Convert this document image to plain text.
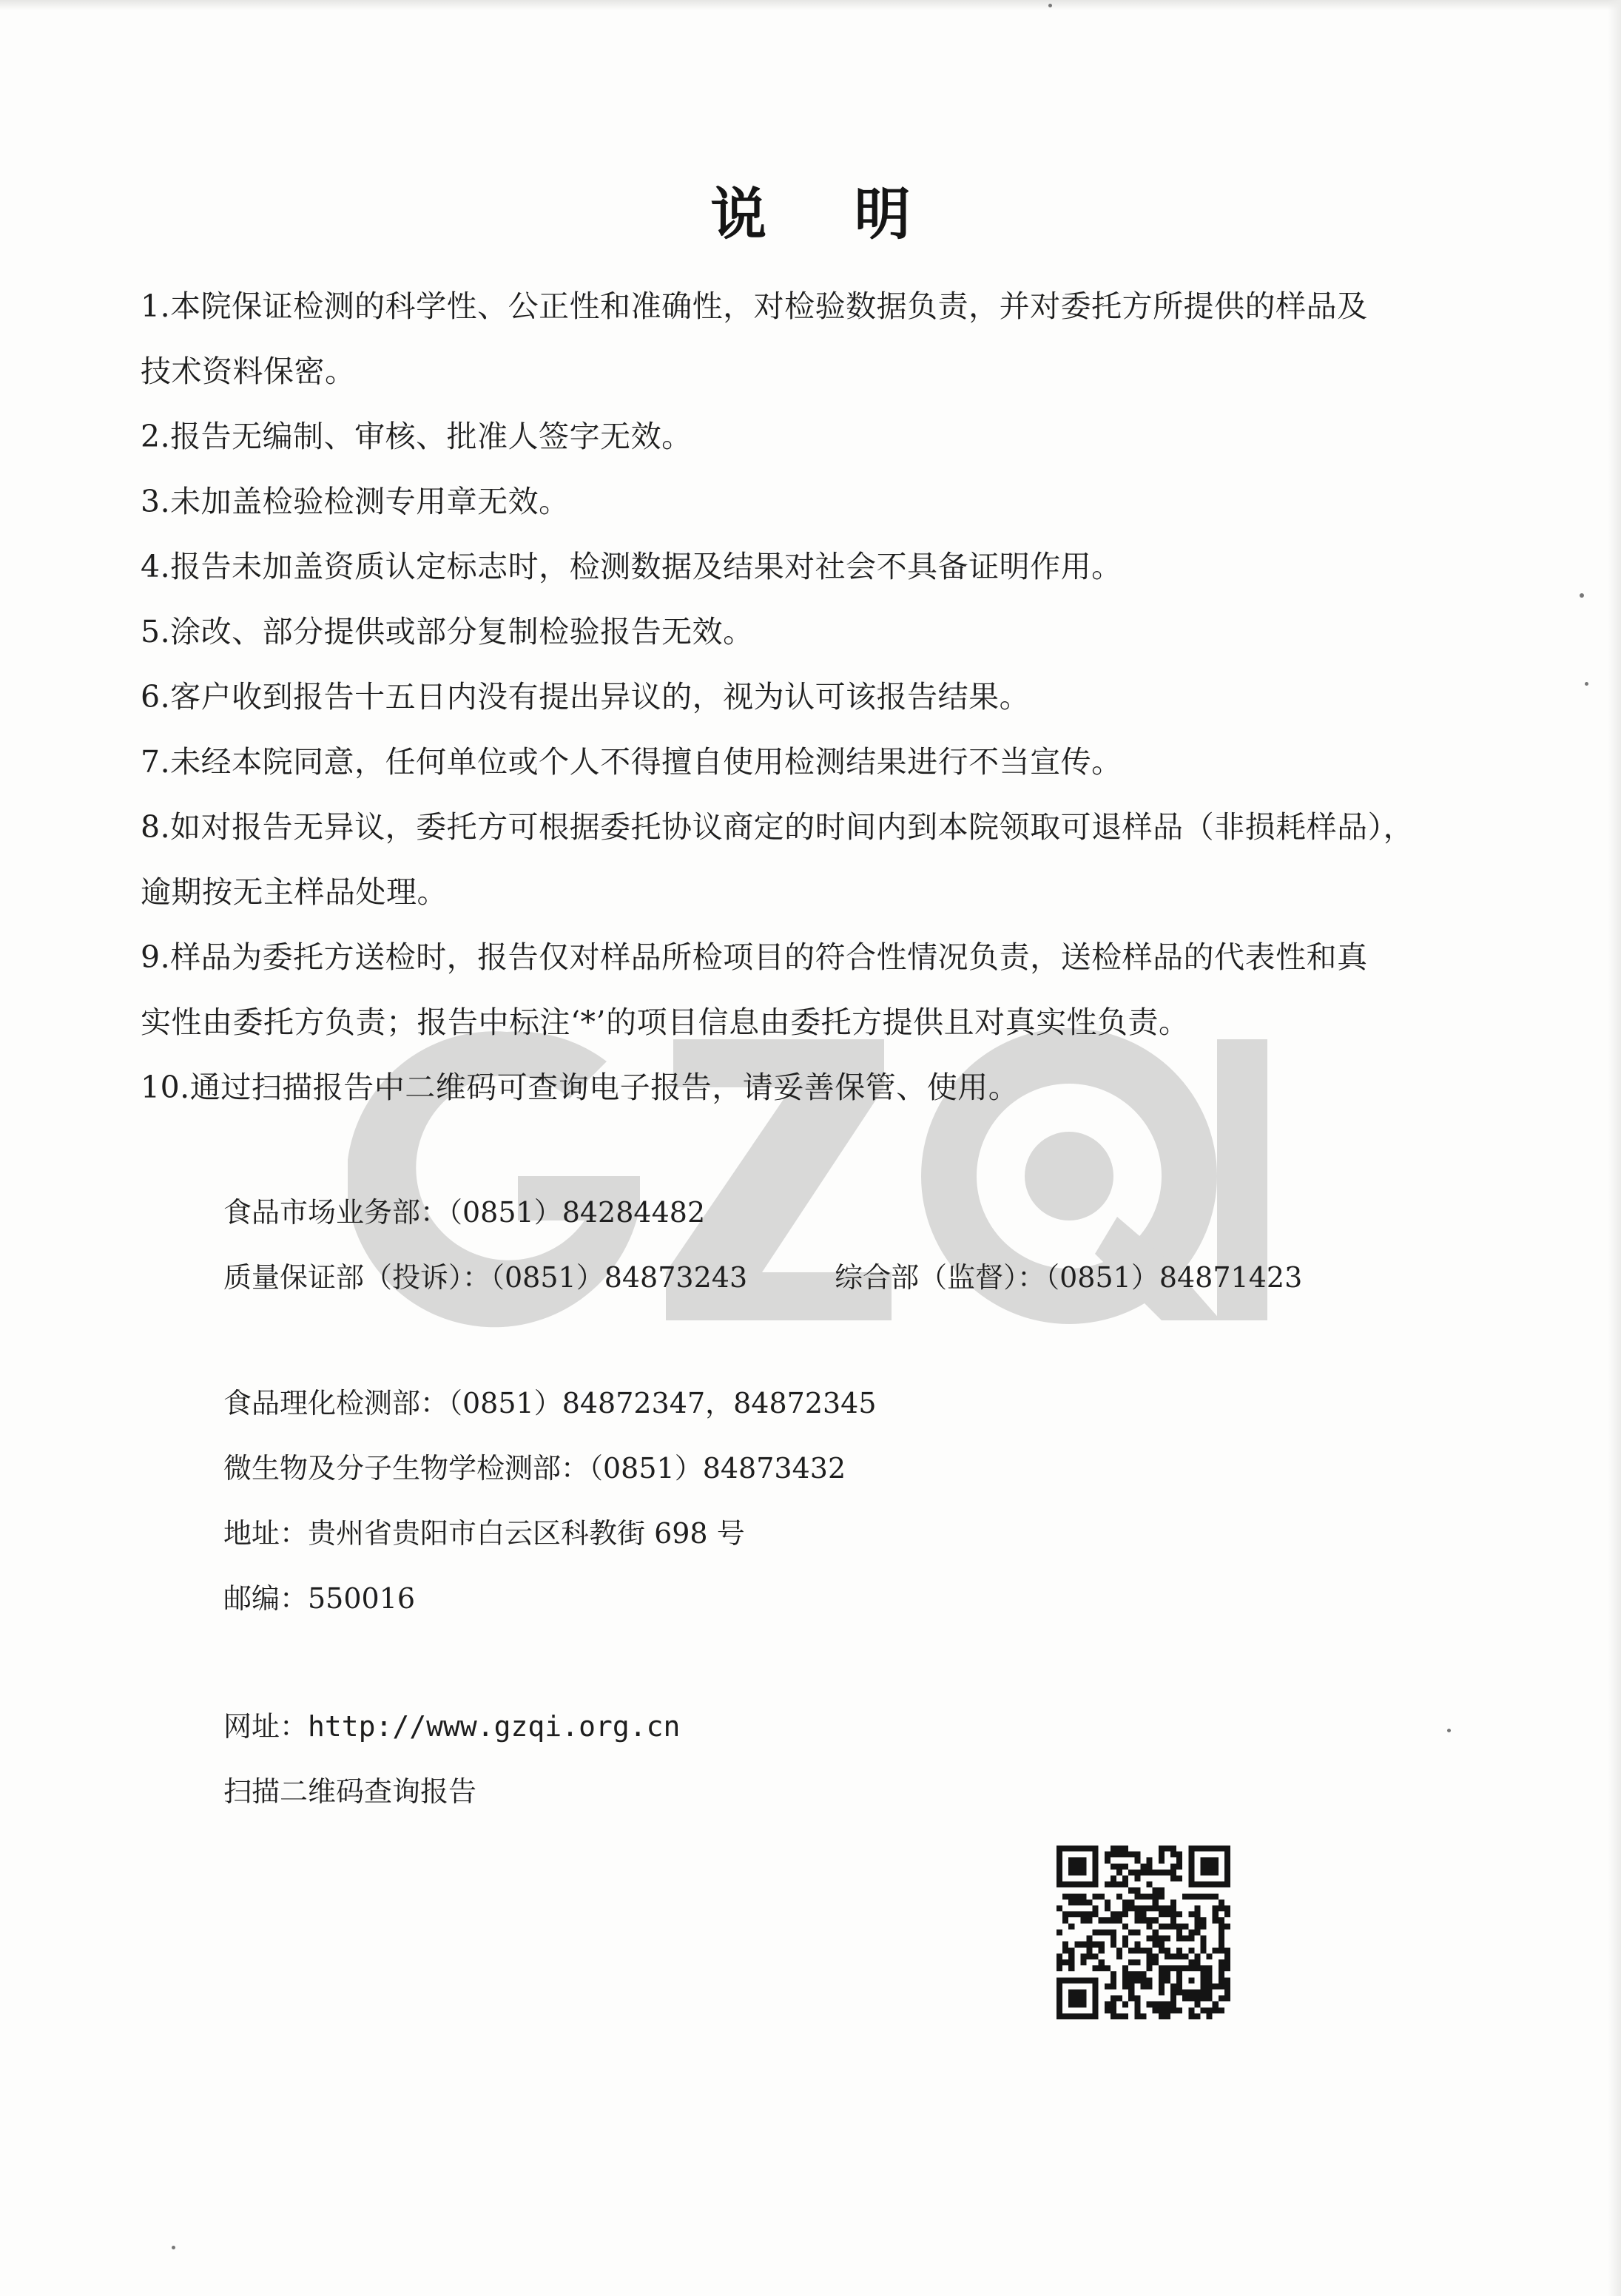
说 明
1.本院保证检测的科学性、公正性和准确性，对检验数据负责，并对委托方所提供的样品及
技术资料保密。
2.报告无编制、审核、批准人签字无效。
3.未加盖检验检测专用章无效。
4.报告未加盖资质认定标志时，检测数据及结果对社会不具备证明作用。
5.涂改、部分提供或部分复制检验报告无效。
6.客户收到报告十五日内没有提出异议的，视为认可该报告结果。
7.未经本院同意，任何单位或个人不得擅自使用检测结果进行不当宣传。
8.如对报告无异议，委托方可根据委托协议商定的时间内到本院领取可退样品（非损耗样品），
逾期按无主样品处理。
9.样品为委托方送检时，报告仅对样品所检项目的符合性情况负责，送检样品的代表性和真
实性由委托方负责；报告中标注‘*’的项目信息由委托方提供且对真实性负责。
10.通过扫描报告中二维码可查询电子报告，请妥善保管、使用。
食品市场业务部：（0851）84284482
质量保证部（投诉）：（0851）84873243	综合部（监督）：（0851）84871423
食品理化检测部：（0851）84872347，84872345
微生物及分子生物学检测部：（0851）84873432
地址：贵州省贵阳市白云区科教街 698 号
邮编：550016
网址：http://www.gzqi.org.cn
扫描二维码查询报告
